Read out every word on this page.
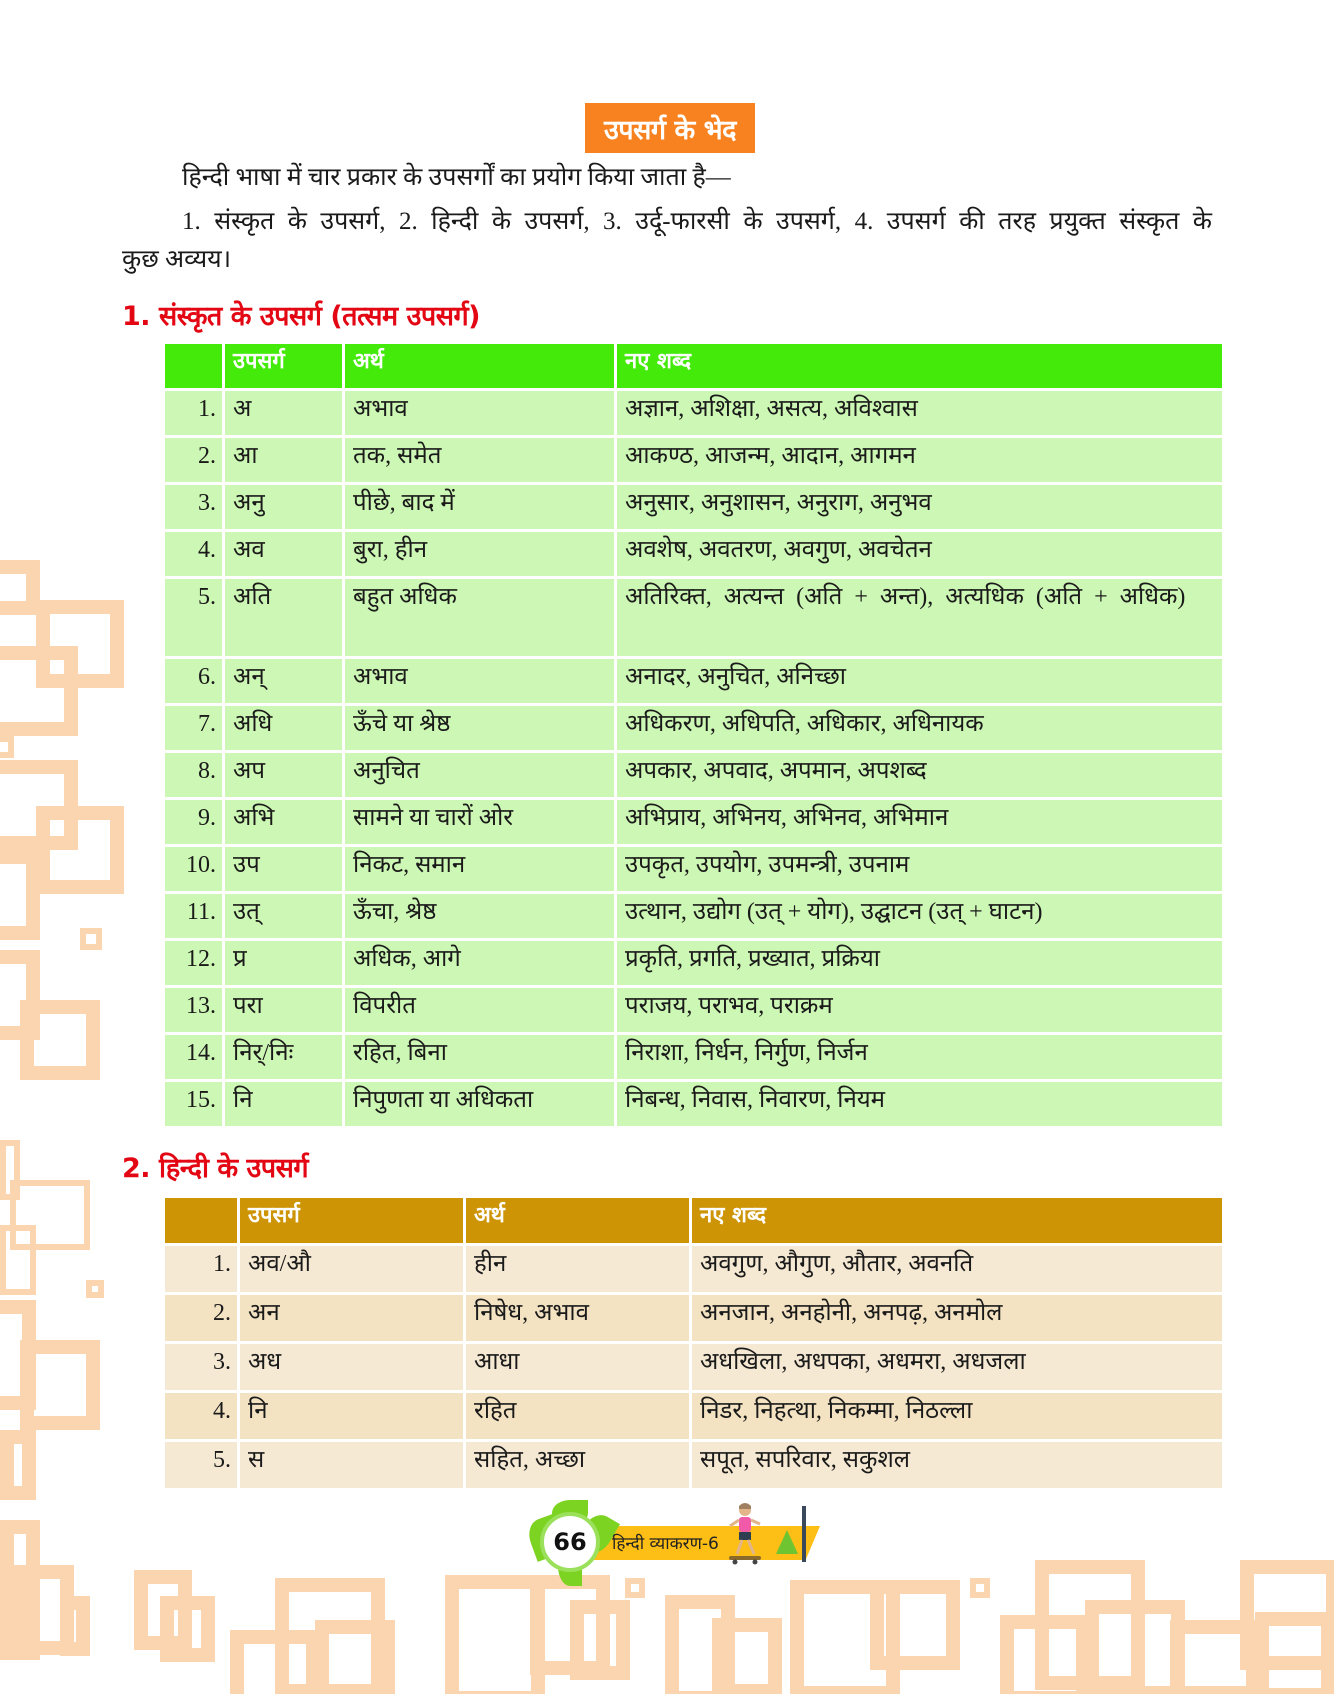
उपसर्ग के भेद

हिन्दी भाषा में चार प्रकार के उपसर्गों का प्रयोग किया जाता है—

1. संस्कृत के उपसर्ग, 2. हिन्दी के उपसर्ग, 3. उर्दू-फारसी के उपसर्ग, 4. उपसर्ग की तरह प्रयुक्त संस्कृत के

कुछ अव्यय।

1. संस्कृत के उपसर्ग (तत्सम उपसर्ग)
	उपसर्ग	अर्थ	नए शब्द
1.	अ	अभाव	अज्ञान, अशिक्षा, असत्य, अविश्वास
2.	आ	तक, समेत	आकण्ठ, आजन्म, आदान, आगमन
3.	अनु	पीछे, बाद में	अनुसार, अनुशासन, अनुराग, अनुभव
4.	अव	बुरा, हीन	अवशेष, अवतरण, अवगुण, अवचेतन
5.	अति	बहुत अधिक	अतिरिक्त, अत्यन्त (अति + अन्त), अत्यधिक (अति + अधिक)
6.	अन्	अभाव	अनादर, अनुचित, अनिच्छा
7.	अधि	ऊँचे या श्रेष्ठ	अधिकरण, अधिपति, अधिकार, अधिनायक
8.	अप	अनुचित	अपकार, अपवाद, अपमान, अपशब्द
9.	अभि	सामने या चारों ओर	अभिप्राय, अभिनय, अभिनव, अभिमान
10.	उप	निकट, समान	उपकृत, उपयोग, उपमन्त्री, उपनाम
11.	उत्	ऊँचा, श्रेष्ठ	उत्थान, उद्योग (उत् + योग), उद्घाटन (उत् + घाटन)
12.	प्र	अधिक, आगे	प्रकृति, प्रगति, प्रख्यात, प्रक्रिया
13.	परा	विपरीत	पराजय, पराभव, पराक्रम
14.	निर्/निः	रहित, बिना	निराशा, निर्धन, निर्गुण, निर्जन
15.	नि	निपुणता या अधिकता	निबन्ध, निवास, निवारण, नियम
2. हिन्दी के उपसर्ग
	उपसर्ग	अर्थ	नए शब्द
1.	अव/औ	हीन	अवगुण, औगुण, औतार, अवनति
2.	अन	निषेध, अभाव	अनजान, अनहोनी, अनपढ़, अनमोल
3.	अध	आधा	अधखिला, अधपका, अधमरा, अधजला
4.	नि	रहित	निडर, निहत्था, निकम्मा, निठल्ला
5.	स	सहित, अच्छा	सपूत, सपरिवार, सकुशल
66	हिन्दी व्याकरण-6
